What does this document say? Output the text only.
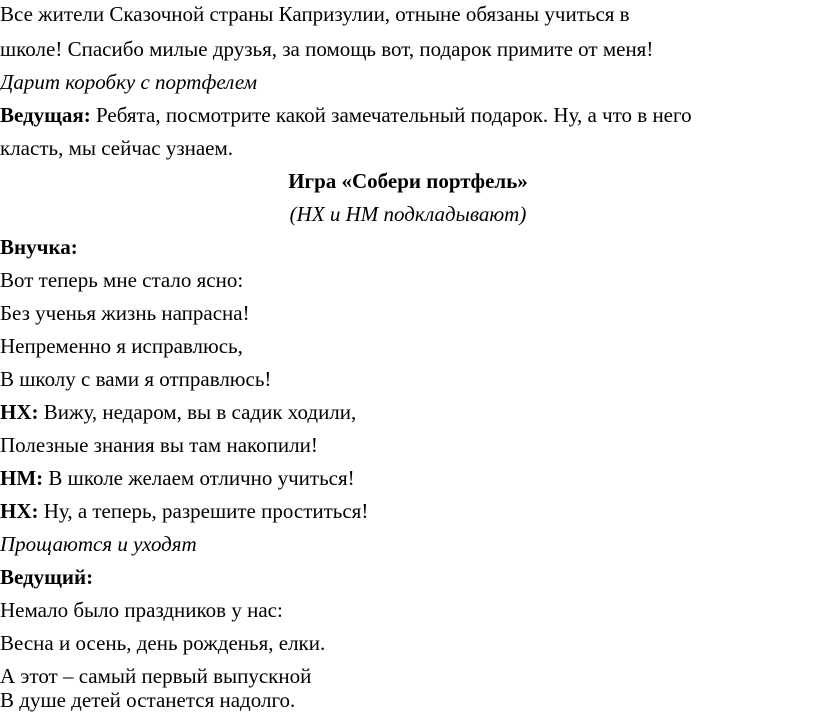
Все жители Сказочной страны Капризулии, отныне обязаны учиться в
школе! Спасибо милые друзья, за помощь вот, подарок примите от меня!
Дарит коробку с портфелем
Ведущая: Ребята, посмотрите какой замечательный подарок. Ну, а что в него
класть, мы сейчас узнаем.
Игра «Собери портфель»
(НХ и НМ подкладывают)
Внучка:
Вот теперь мне стало ясно:
Без ученья жизнь напрасна!
Непременно я исправлюсь,
В школу с вами я отправлюсь!
НХ: Вижу, недаром, вы в садик ходили,
Полезные знания вы там накопили!
НМ: В школе желаем отлично учиться!
НХ: Ну, а теперь, разрешите проститься!
Прощаются и уходят
Ведущий:
Немало было праздников у нас:
Весна и осень, день рожденья, елки.
А этот – самый первый выпускной
В душе детей останется надолго.
